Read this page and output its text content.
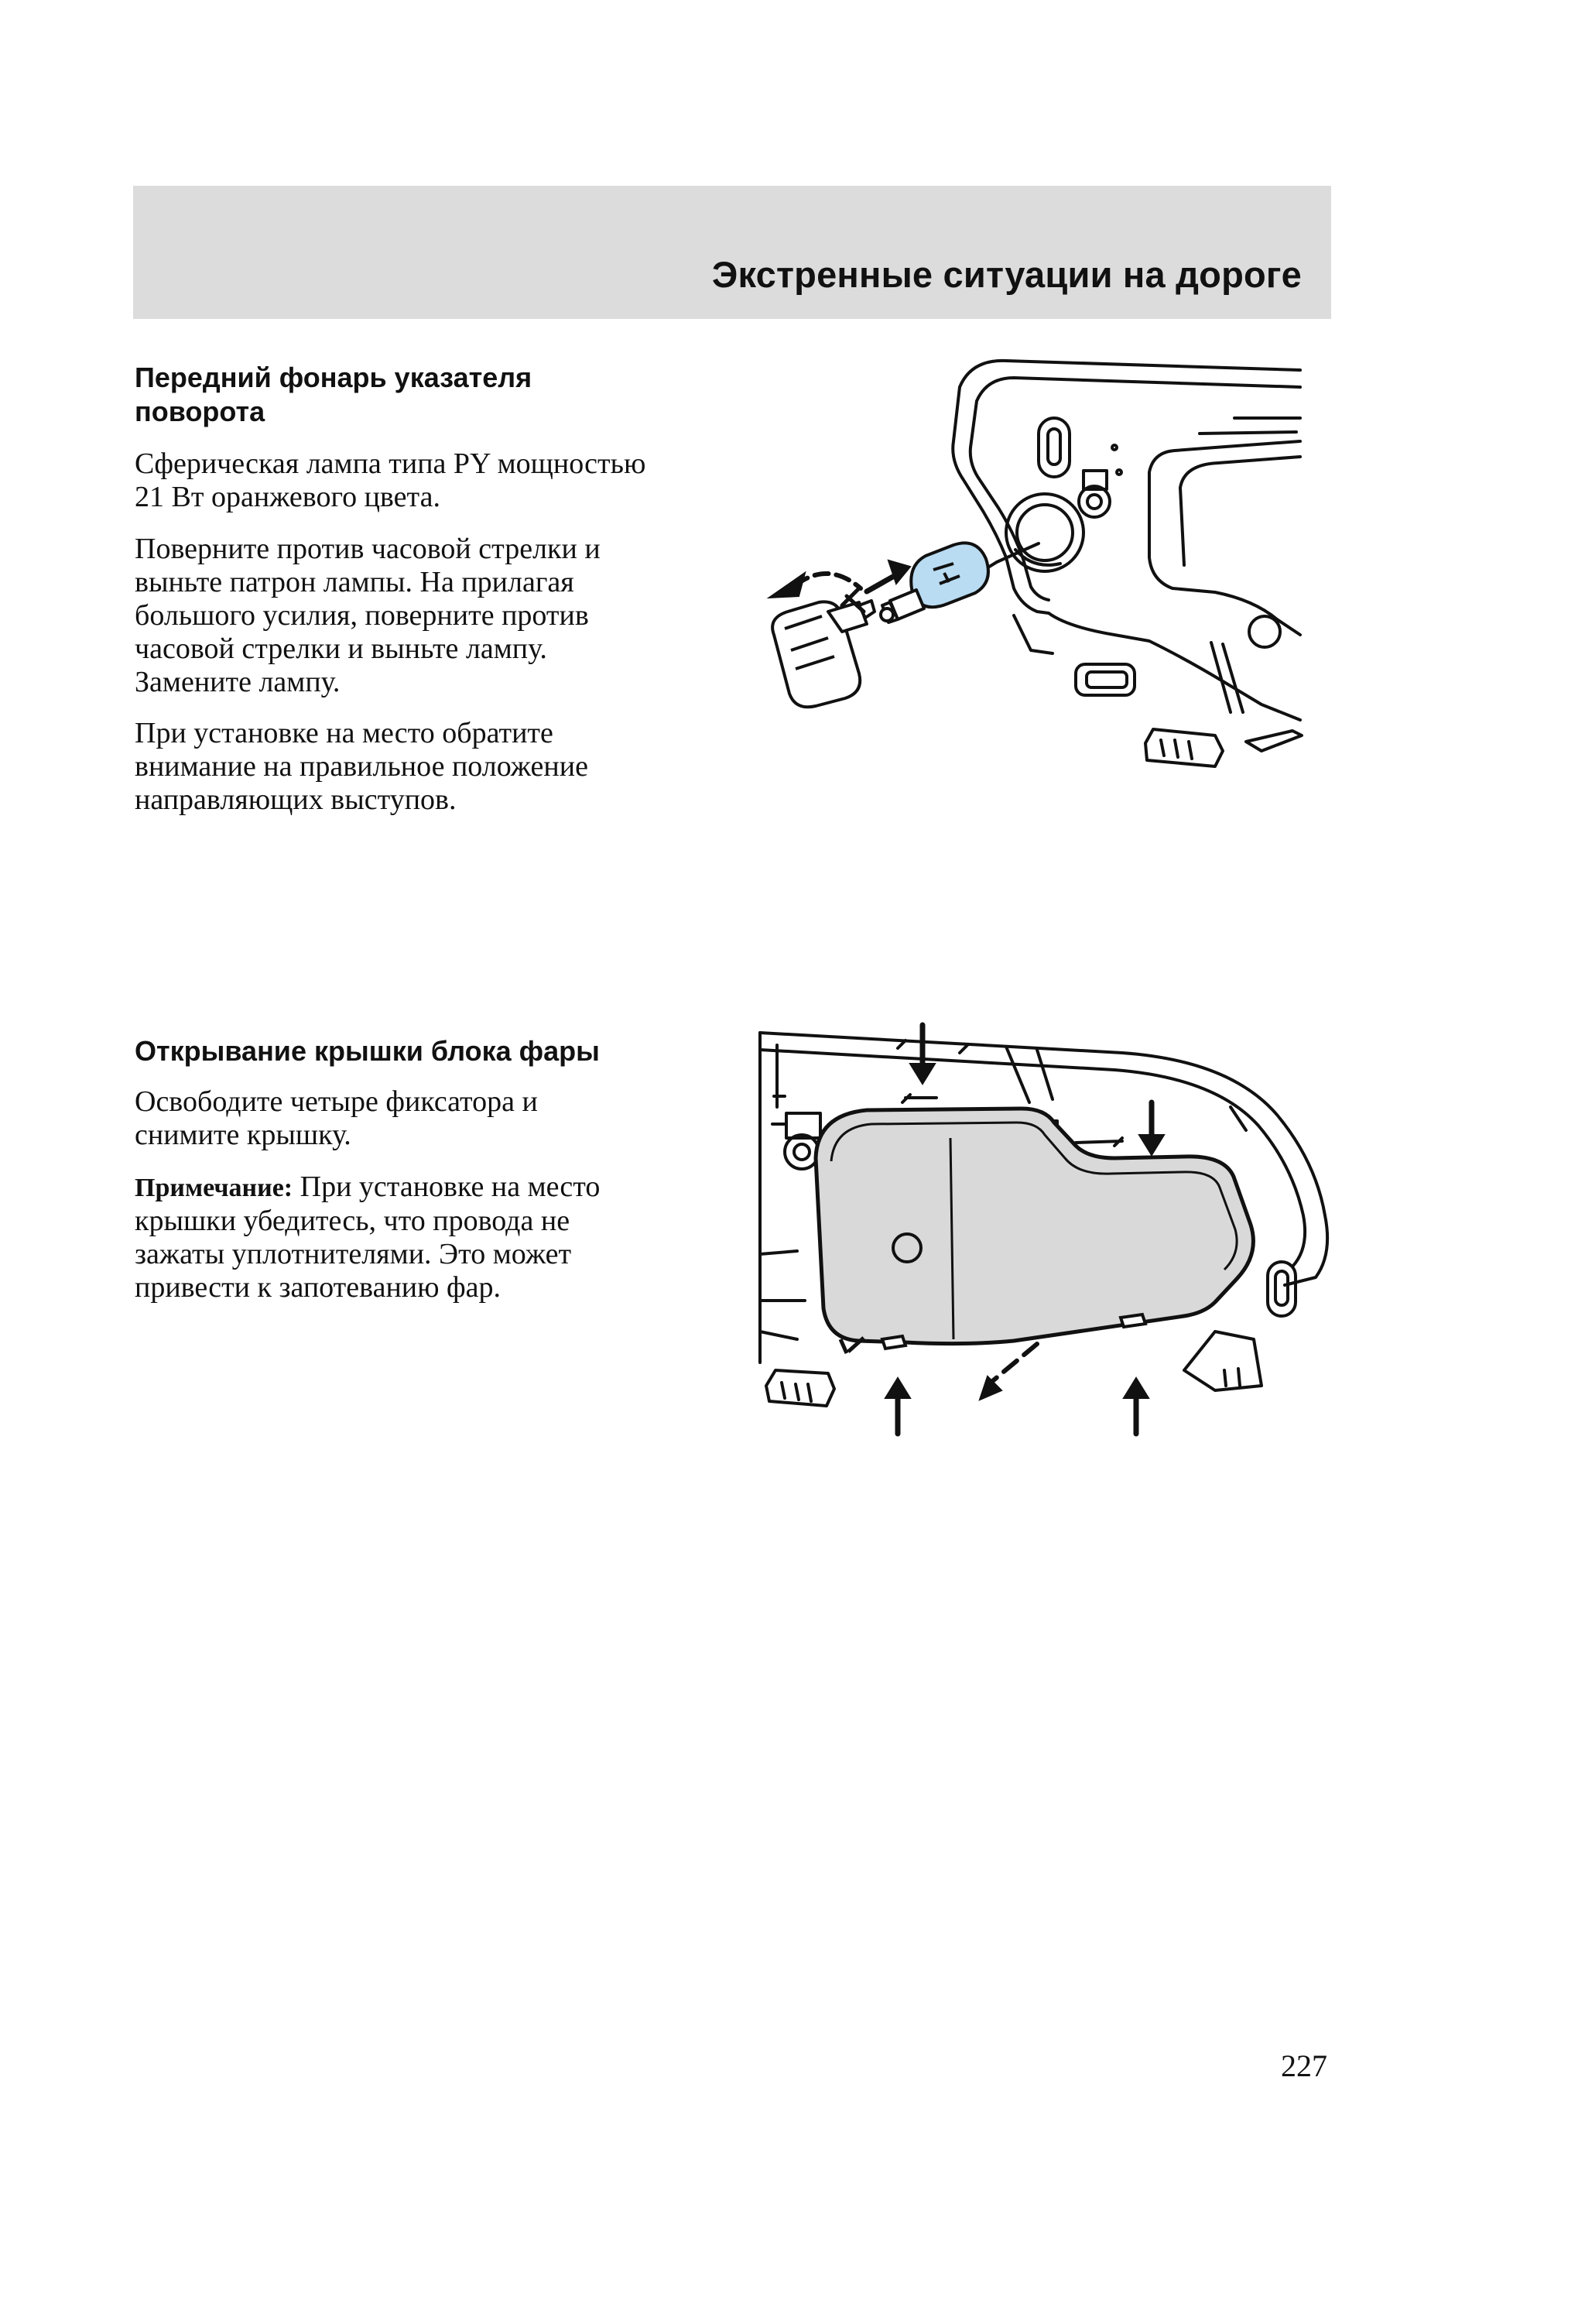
Экстренные ситуации на дороге
Передний фонарь указателя
поворота
Сферическая лампа типа PY мощностью
21 Вт оранжевого цвета.
Поверните против часовой стрелки и
выньте патрон лампы. На прилагая
большого усилия, поверните против
часовой стрелки и выньте лампу.
Замените лампу.
При установке на место обратите
внимание на правильное положение
направляющих выступов.
Открывание крышки блока фары
Освободите четыре фиксатора и
снимите крышку.
Примечание: При установке на место
крышки убедитесь, что провода не
зажаты уплотнителями. Это может
привести к запотеванию фар.
227
